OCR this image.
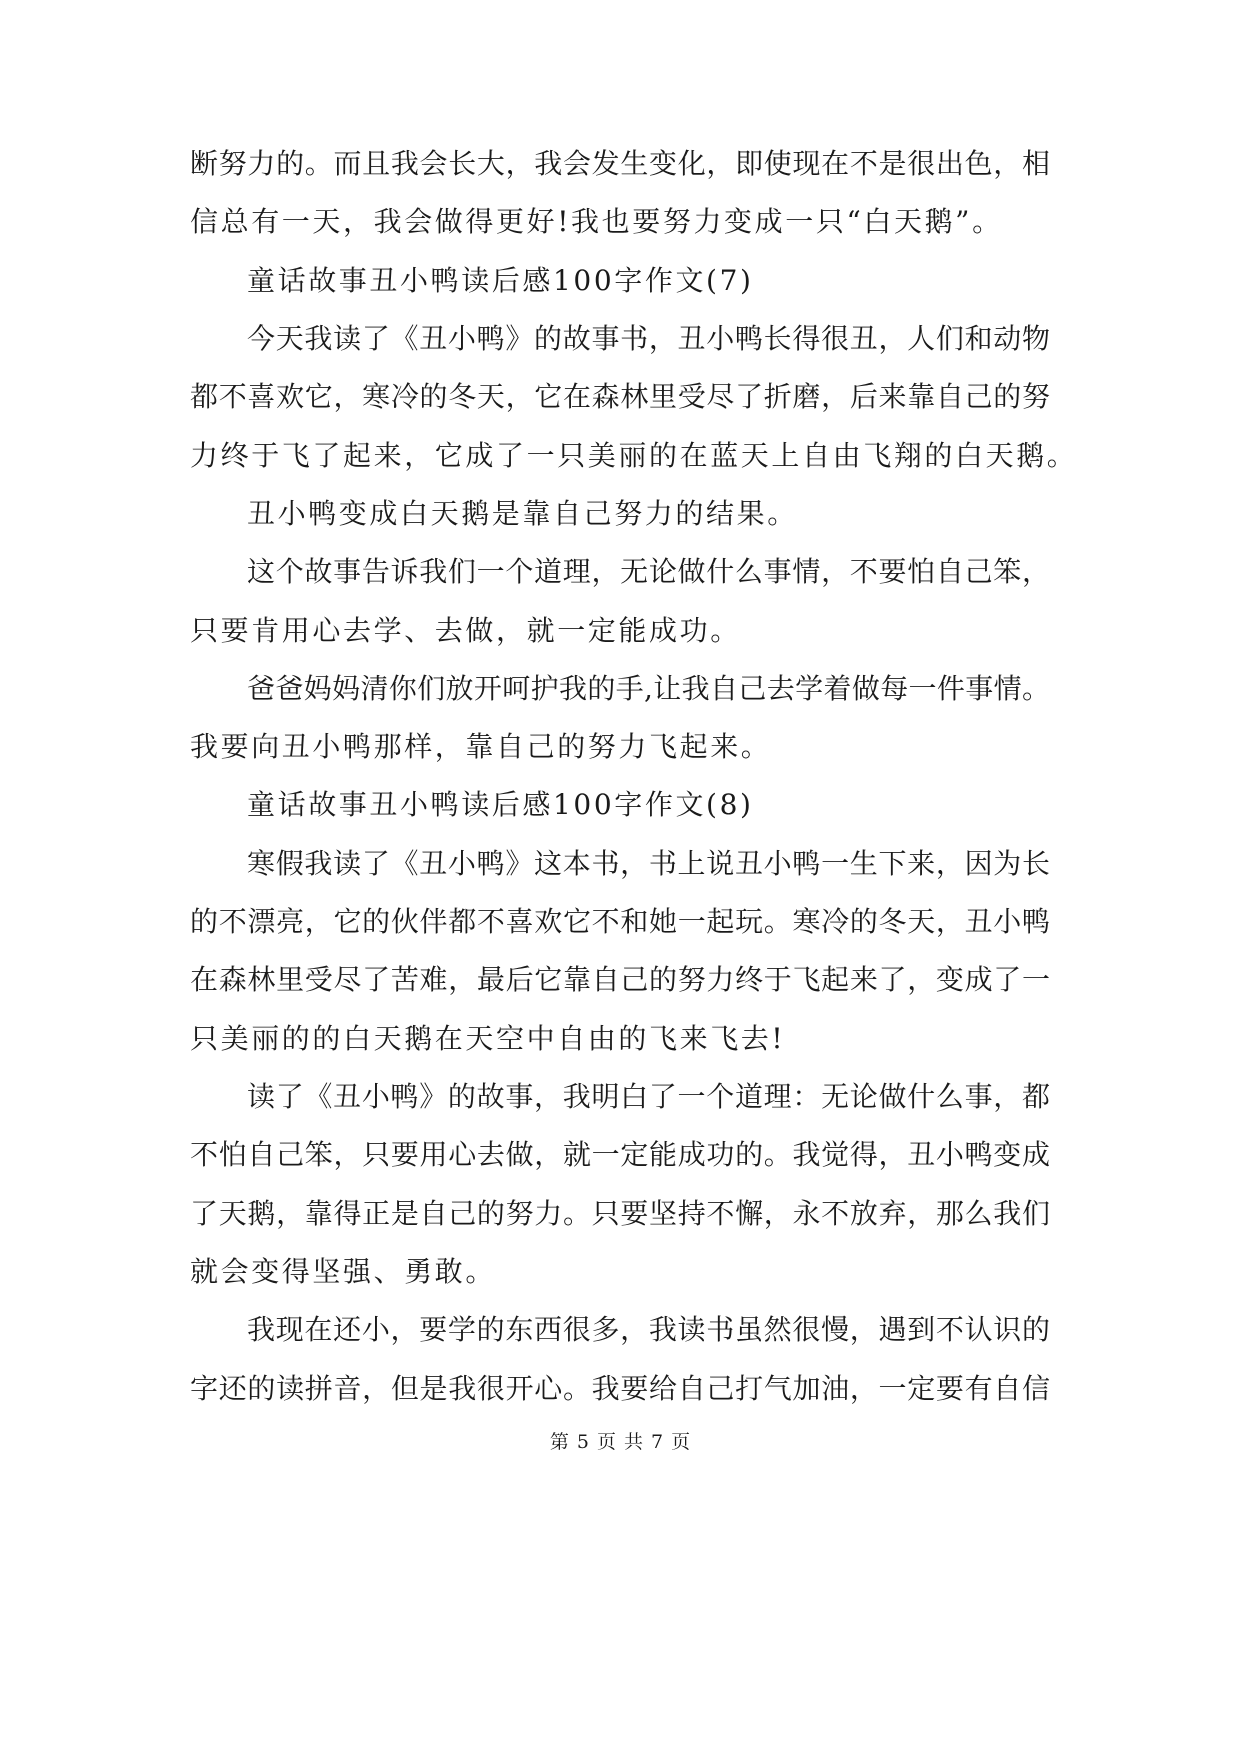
断努力的。而且我会长大，我会发生变化，即使现在不是很出色，相
信总有一天，我会做得更好!我也要努力变成一只“白天鹅”。
童话故事丑小鸭读后感100字作文(7)
今天我读了《丑小鸭》的故事书，丑小鸭长得很丑，人们和动物
都不喜欢它，寒冷的冬天，它在森林里受尽了折磨，后来靠自己的努
力终于飞了起来，它成了一只美丽的在蓝天上自由飞翔的白天鹅。
丑小鸭变成白天鹅是靠自己努力的结果。
这个故事告诉我们一个道理，无论做什么事情，不要怕自己笨，
只要肯用心去学、去做，就一定能成功。
爸爸妈妈清你们放开呵护我的手,让我自己去学着做每一件事情。
我要向丑小鸭那样，靠自己的努力飞起来。
童话故事丑小鸭读后感100字作文(8)
寒假我读了《丑小鸭》这本书，书上说丑小鸭一生下来，因为长
的不漂亮，它的伙伴都不喜欢它不和她一起玩。寒冷的冬天，丑小鸭
在森林里受尽了苦难，最后它靠自己的努力终于飞起来了，变成了一
只美丽的的白天鹅在天空中自由的飞来飞去!
读了《丑小鸭》的故事，我明白了一个道理：无论做什么事，都
不怕自己笨，只要用心去做，就一定能成功的。我觉得，丑小鸭变成
了天鹅，靠得正是自己的努力。只要坚持不懈，永不放弃，那么我们
就会变得坚强、勇敢。
我现在还小，要学的东西很多，我读书虽然很慢，遇到不认识的
字还的读拼音，但是我很开心。我要给自己打气加油，一定要有自信
第 5 页 共 7 页
